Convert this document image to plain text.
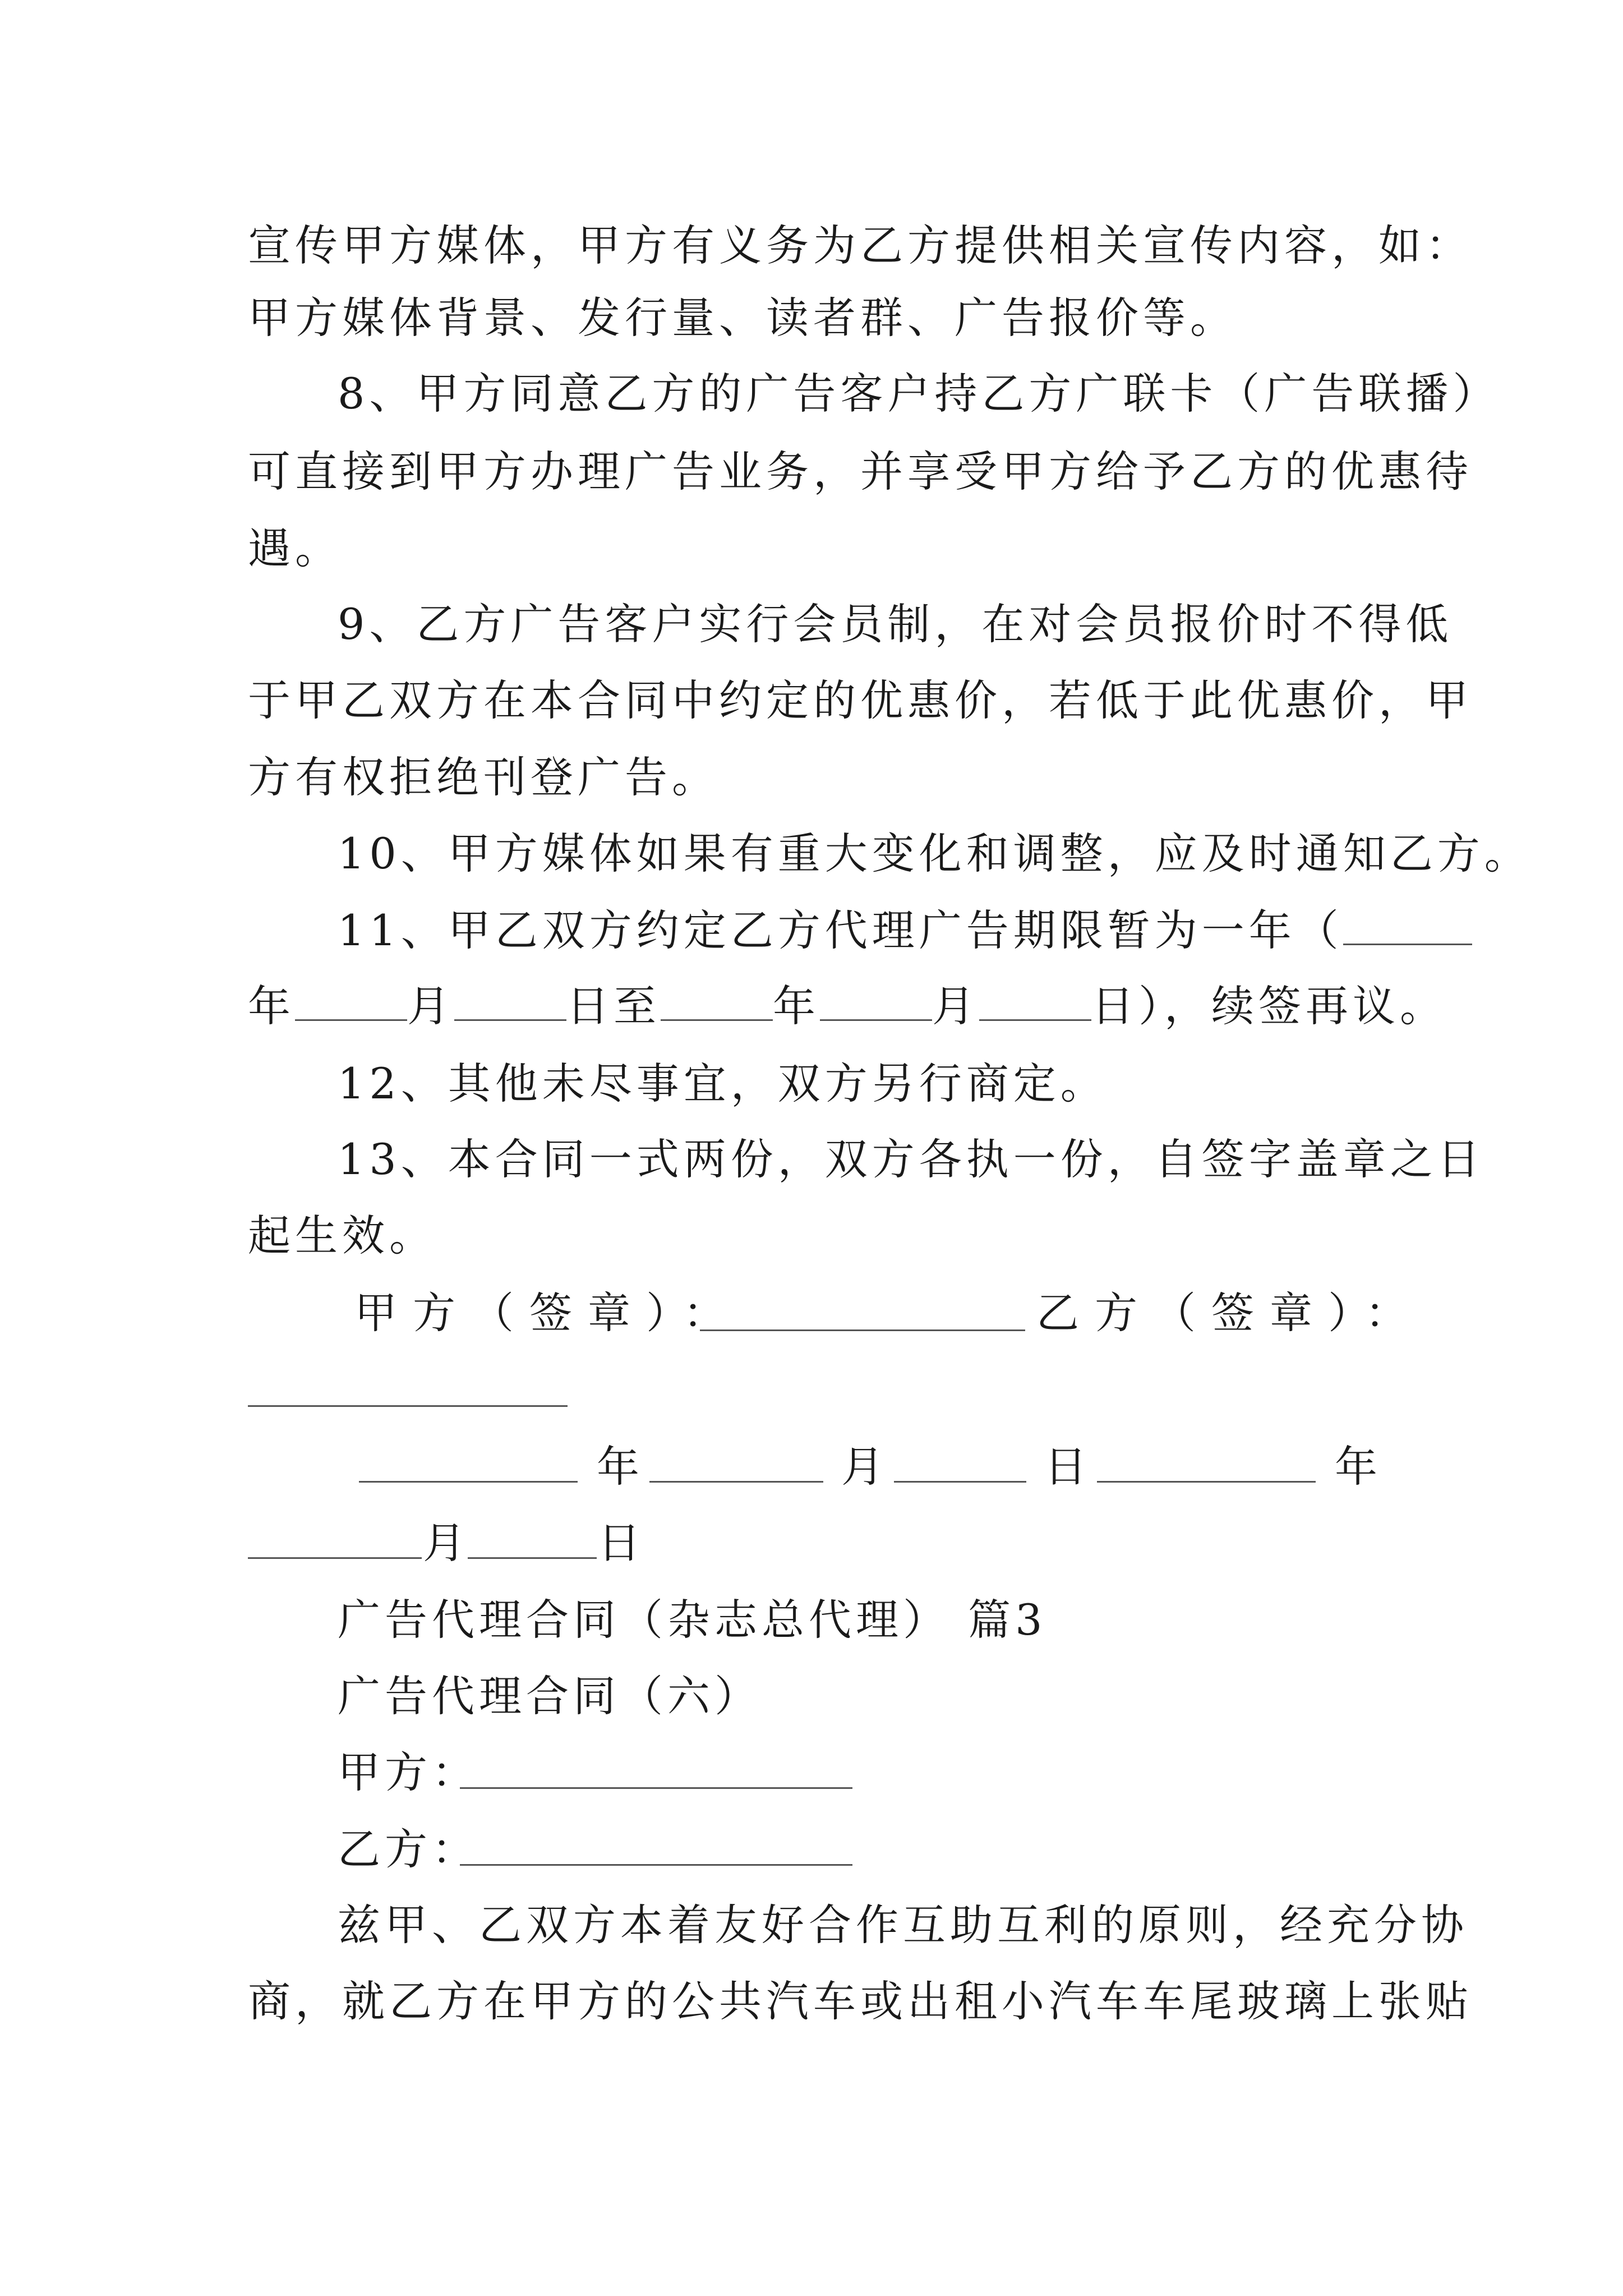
宣传甲方媒体，甲方有义务为乙方提供相关宣传内容，如：
甲方媒体背景、发行量、读者群、广告报价等。
8、甲方同意乙方的广告客户持乙方广联卡（广告联播）
可直接到甲方办理广告业务，并享受甲方给予乙方的优惠待
遇。
9、乙方广告客户实行会员制，在对会员报价时不得低
于甲乙双方在本合同中约定的优惠价，若低于此优惠价，甲
方有权拒绝刊登广告。
10、甲方媒体如果有重大变化和调整，应及时通知乙方。
11、甲乙双方约定乙方代理广告期限暂为一年（
年	月	日至	年	月	日），续签再议。
12、其他未尽事宜，双方另行商定。
13、本合同一式两份，双方各执一份，自签字盖章之日
起生效。
甲方（签章）：	乙方（签章）：
年	月	日	年
月	日
广告代理合同（杂志总代理） 篇3
广告代理合同（六）
甲方：
乙方：
兹甲、乙双方本着友好合作互助互利的原则，经充分协
商，就乙方在甲方的公共汽车或出租小汽车车尾玻璃上张贴
